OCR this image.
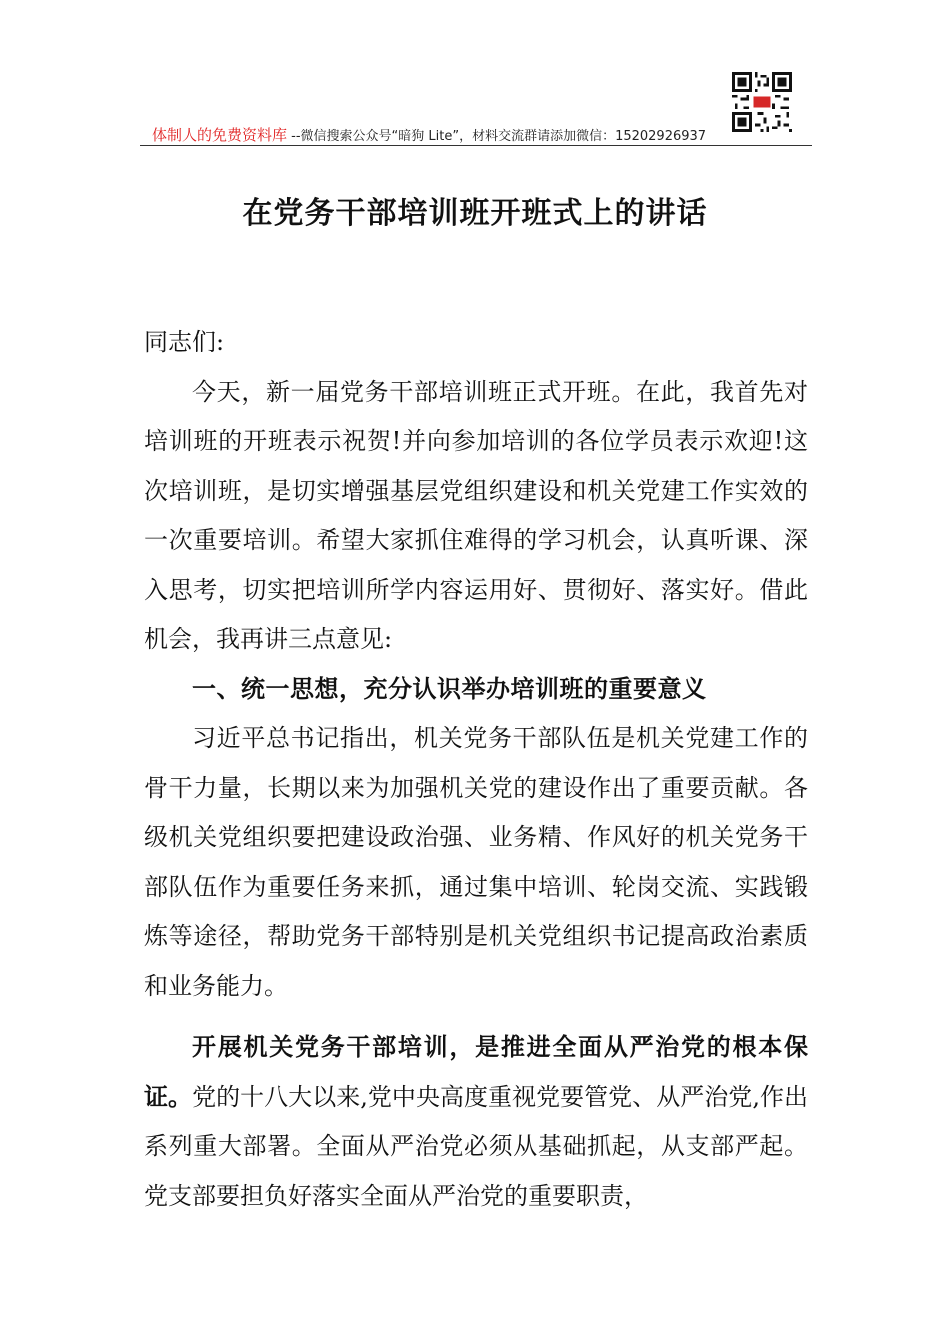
体制人的免费资料库 --微信搜索公众号“暗狗 Lite”，材料交流群请添加微信：15202926937
在党务干部培训班开班式上的讲话

同志们:

今天，新一届党务干部培训班正式开班。在此，我首先对培训班的开班表示祝贺!并向参加培训的各位学员表示欢迎!这次培训班，是切实增强基层党组织建设和机关党建工作实效的一次重要培训。希望大家抓住难得的学习机会，认真听课、深入思考，切实把培训所学内容运用好、贯彻好、落实好。借此机会，我再讲三点意见:

一、统一思想，充分认识举办培训班的重要意义

习近平总书记指出，机关党务干部队伍是机关党建工作的骨干力量，长期以来为加强机关党的建设作出了重要贡献。各级机关党组织要把建设政治强、业务精、作风好的机关党务干部队伍作为重要任务来抓，通过集中培训、轮岗交流、实践锻炼等途径，帮助党务干部特别是机关党组织书记提高政治素质和业务能力。

开展机关党务干部培训，是推进全面从严治党的根本保证。党的十八大以来,党中央高度重视党要管党、从严治党,作出系列重大部署。全面从严治党必须从基础抓起，从支部严起。党支部要担负好落实全面从严治党的重要职责，
